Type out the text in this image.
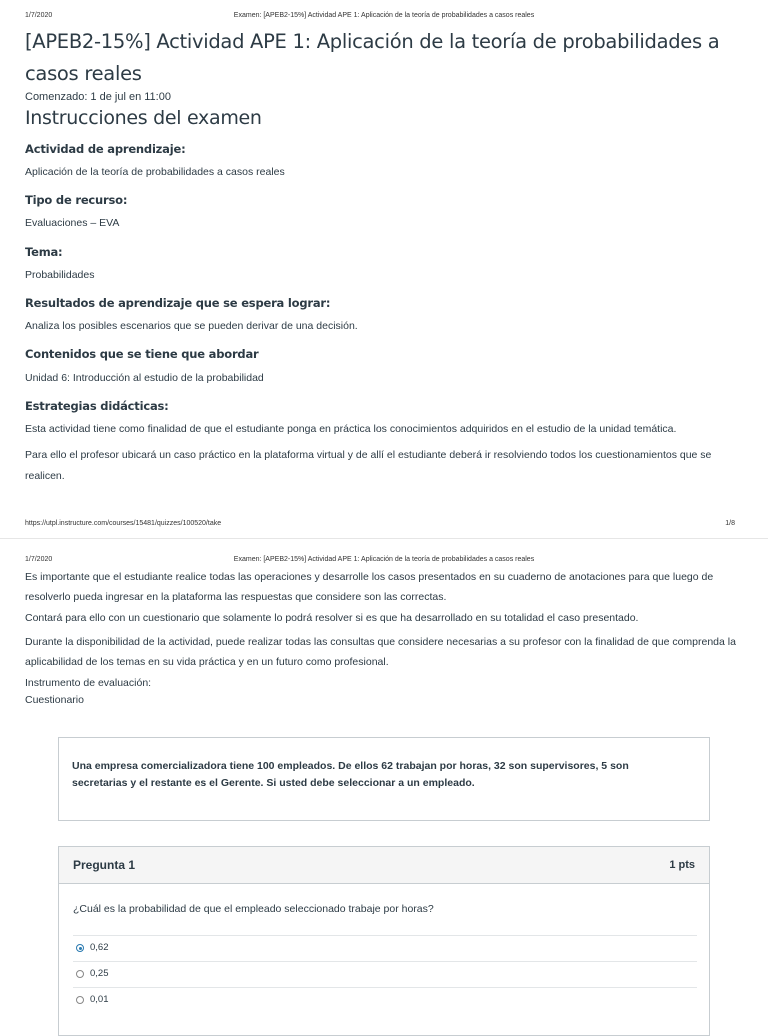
1/7/2020	Examen: [APEB2-15%] Actividad APE 1: Aplicación de la teoría de probabilidades a casos reales
[APEB2-15%] Actividad APE 1: Aplicación de la teoría de probabilidades a casos reales
Comenzado: 1 de jul en 11:00
Instrucciones del examen
Actividad de aprendizaje:
Aplicación de la teoría de probabilidades a casos reales
Tipo de recurso:
Evaluaciones – EVA
Tema:
Probabilidades
Resultados de aprendizaje que se espera lograr:
Analiza los posibles escenarios que se pueden derivar de una decisión.
Contenidos que se tiene que abordar
Unidad 6: Introducción al estudio de la probabilidad
Estrategias didácticas:
Esta actividad tiene como finalidad de que el estudiante ponga en práctica los conocimientos adquiridos en el estudio de la unidad temática.
Para ello el profesor ubicará un caso práctico en la plataforma virtual y de allí el estudiante deberá ir resolviendo todos los cuestionamientos que se realicen.
https://utpl.instructure.com/courses/15481/quizzes/100520/take	1/8
1/7/2020	Examen: [APEB2-15%] Actividad APE 1: Aplicación de la teoría de probabilidades a casos reales
Es importante que el estudiante realice todas las operaciones y desarrolle los casos presentados en su cuaderno de anotaciones para que luego de resolverlo pueda ingresar en la plataforma las respuestas que considere son las correctas.
Contará para ello con un cuestionario que solamente lo podrá resolver si es que ha desarrollado en su totalidad el caso presentado.
Durante la disponibilidad de la actividad, puede realizar todas las consultas que considere necesarias a su profesor con la finalidad de que comprenda la aplicabilidad de los temas en su vida práctica y en un futuro como profesional.
Instrumento de evaluación:
Cuestionario
Una empresa comercializadora tiene 100 empleados. De ellos 62 trabajan por horas, 32 son supervisores, 5 son secretarias y el restante es el Gerente. Si usted debe seleccionar a un empleado.
Pregunta 1	1 pts
¿Cuál es la probabilidad de que el empleado seleccionado trabaje por horas?
0,62
0,25
0,01
